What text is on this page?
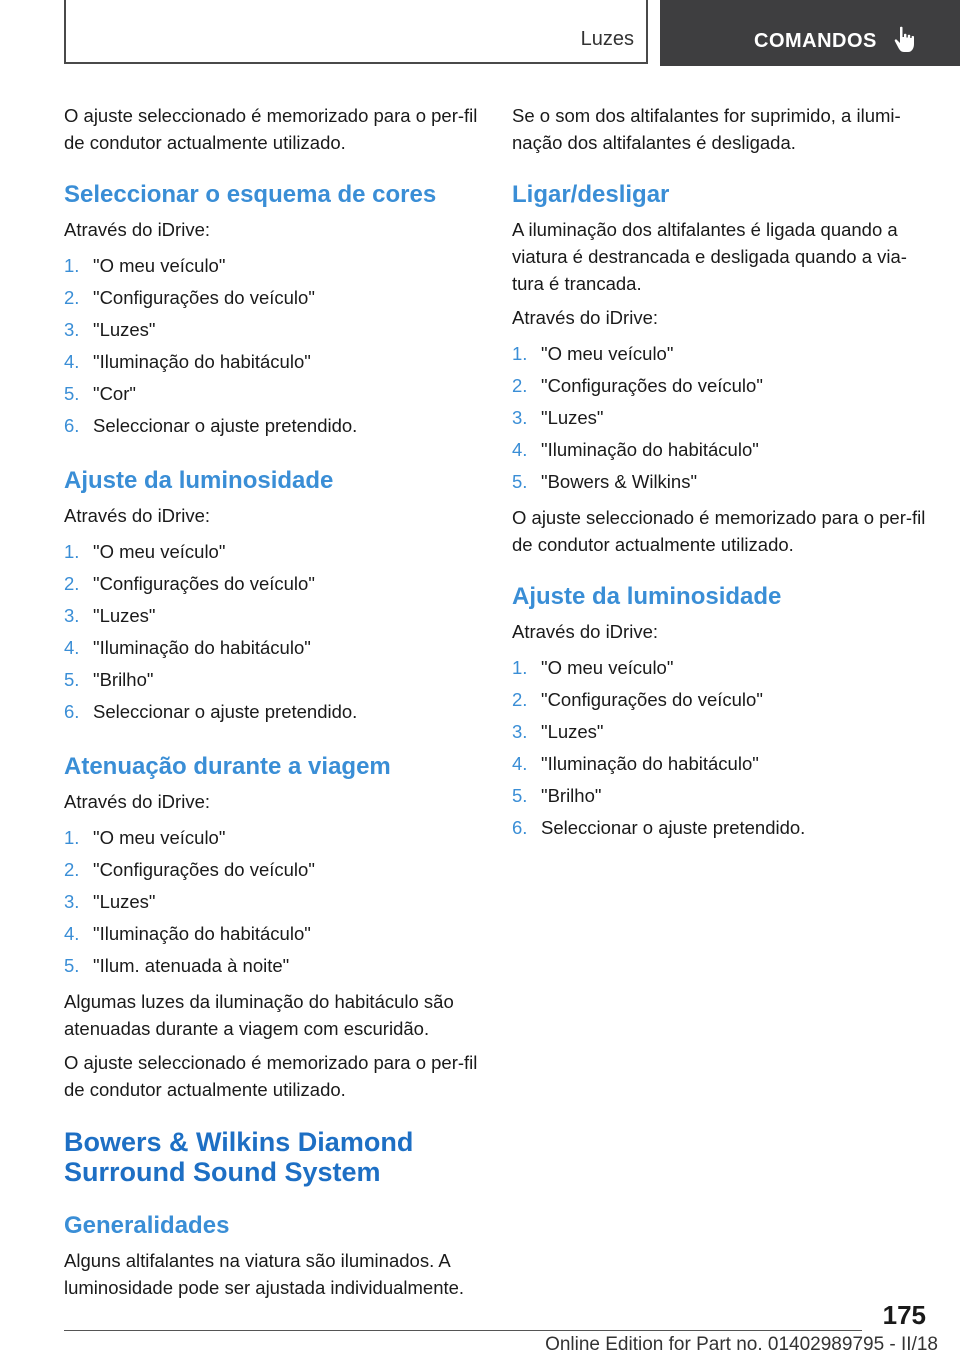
Luzes	COMANDOS

O ajuste seleccionado é memorizado para o per-fil de condutor actualmente utilizado.

Seleccionar o esquema de cores

Através do iDrive:

1. "O meu veículo"
2. "Configurações do veículo"
3. "Luzes"
4. "Iluminação do habitáculo"
5. "Cor"
6. Seleccionar o ajuste pretendido.
Ajuste da luminosidade

Através do iDrive:

1. "O meu veículo"
2. "Configurações do veículo"
3. "Luzes"
4. "Iluminação do habitáculo"
5. "Brilho"
6. Seleccionar o ajuste pretendido.
Atenuação durante a viagem

Através do iDrive:

1. "O meu veículo"
2. "Configurações do veículo"
3. "Luzes"
4. "Iluminação do habitáculo"
5. "Ilum. atenuada à noite"

Algumas luzes da iluminação do habitáculo são atenuadas durante a viagem com escuridão.

O ajuste seleccionado é memorizado para o per-fil de condutor actualmente utilizado.

Bowers & Wilkins Diamond Surround Sound System
Generalidades

Alguns altifalantes na viatura são iluminados. A luminosidade pode ser ajustada individualmente.

Se o som dos altifalantes for suprimido, a ilumi-nação dos altifalantes é desligada.

Ligar/desligar

A iluminação dos altifalantes é ligada quando a viatura é destrancada e desligada quando a via-tura é trancada.

Através do iDrive:

1. "O meu veículo"
2. "Configurações do veículo"
3. "Luzes"
4. "Iluminação do habitáculo"
5. "Bowers & Wilkins"

O ajuste seleccionado é memorizado para o per-fil de condutor actualmente utilizado.

Ajuste da luminosidade

Através do iDrive:

1. "O meu veículo"
2. "Configurações do veículo"
3. "Luzes"
4. "Iluminação do habitáculo"
5. "Brilho"
6. Seleccionar o ajuste pretendido.
175
Online Edition for Part no. 01402989795 - II/18
